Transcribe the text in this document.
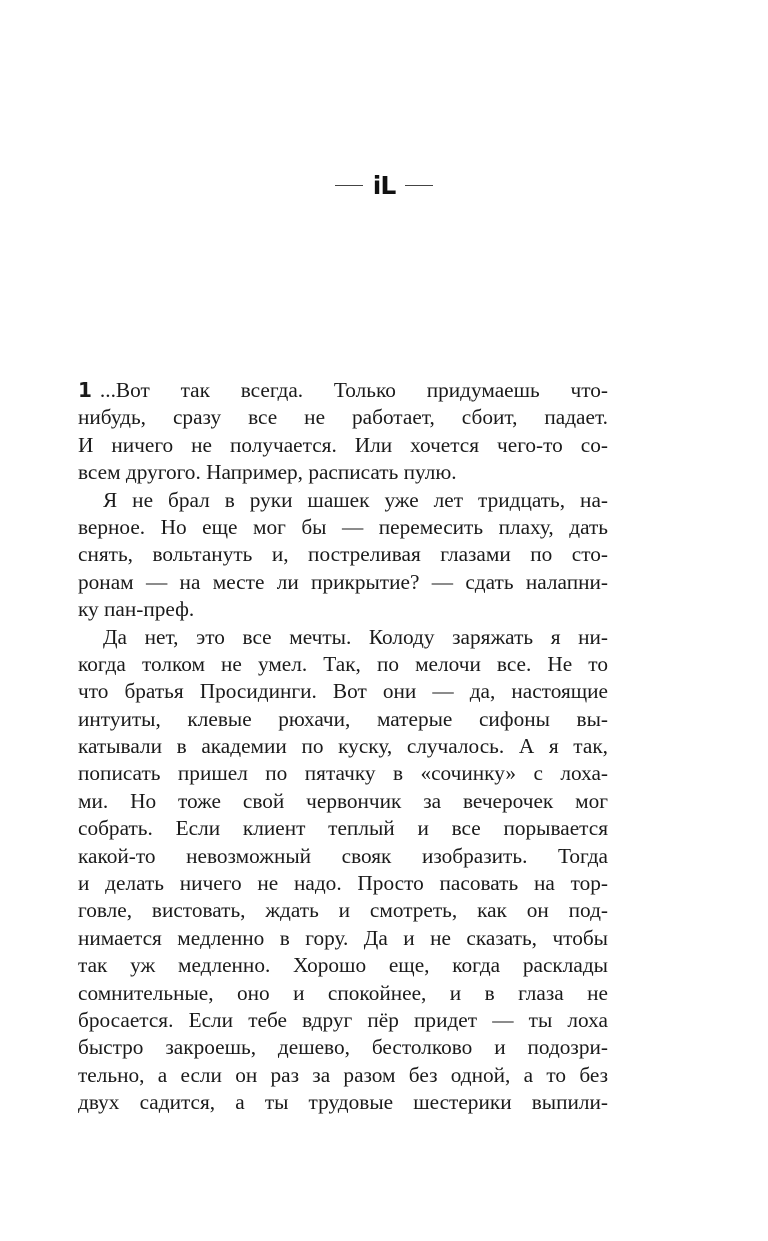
iL
1 ...Вот так всегда. Только придумаешь что-
нибудь, сразу все не работает, сбоит, падает.
И ничего не получается. Или хочется чего-то со-
всем другого. Например, расписать пулю.
Я не брал в руки шашек уже лет тридцать, на-
верное. Но еще мог бы — перемесить плаху, дать
снять, вольтануть и, постреливая глазами по сто-
ронам — на месте ли прикрытие? — сдать налапни-
ку пан-преф.
Да нет, это все мечты. Колоду заряжать я ни-
когда толком не умел. Так, по мелочи все. Не то
что братья Просидинги. Вот они — да, настоящие
интуиты, клевые рюхачи, матерые сифоны вы-
катывали в академии по куску, случалось. А я так,
пописать пришел по пятачку в «сочинку» с лоха-
ми. Но тоже свой червончик за вечерочек мог
собрать. Если клиент теплый и все порывается
какой-то невозможный свояк изобразить. Тогда
и делать ничего не надо. Просто пасовать на тор-
говле, вистовать, ждать и смотреть, как он под-
нимается медленно в гору. Да и не сказать, чтобы
так уж медленно. Хорошо еще, когда расклады
сомнительные, оно и спокойнее, и в глаза не
бросается. Если тебе вдруг пёр придет — ты лоха
быстро закроешь, дешево, бестолково и подозри-
тельно, а если он раз за разом без одной, а то без
двух садится, а ты трудовые шестерики выпили-
